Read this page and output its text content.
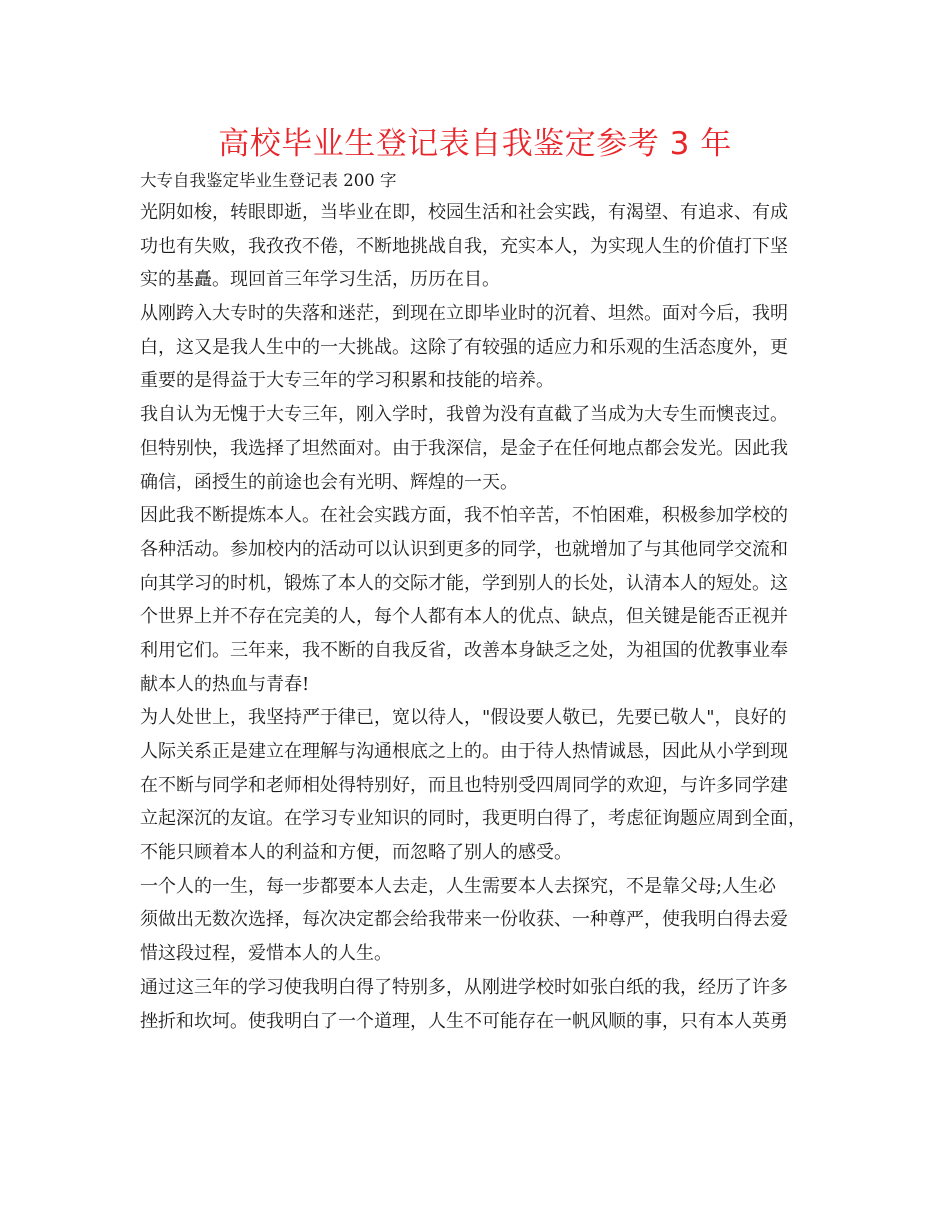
高校毕业生登记表自我鉴定参考 3 年
大专自我鉴定毕业生登记表 200 字
光阴如梭，转眼即逝，当毕业在即，校园生活和社会实践，有渴望、有追求、有成
功也有失败，我孜孜不倦，不断地挑战自我，充实本人，为实现人生的价值打下坚
实的基矗。现回首三年学习生活，历历在目。
从刚跨入大专时的失落和迷茫，到现在立即毕业时的沉着、坦然。面对今后，我明
白，这又是我人生中的一大挑战。这除了有较强的适应力和乐观的生活态度外，更
重要的是得益于大专三年的学习积累和技能的培养。
我自认为无愧于大专三年，刚入学时，我曾为没有直截了当成为大专生而懊丧过。
但特别快，我选择了坦然面对。由于我深信，是金子在任何地点都会发光。因此我
确信，函授生的前途也会有光明、辉煌的一天。
因此我不断提炼本人。在社会实践方面，我不怕辛苦，不怕困难，积极参加学校的
各种活动。参加校内的活动可以认识到更多的同学，也就增加了与其他同学交流和
向其学习的时机，锻炼了本人的交际才能，学到别人的长处，认清本人的短处。这
个世界上并不存在完美的人，每个人都有本人的优点、缺点，但关键是能否正视并
利用它们。三年来，我不断的自我反省，改善本身缺乏之处，为祖国的优教事业奉
献本人的热血与青春!
为人处世上，我坚持严于律已，宽以待人，"假设要人敬已，先要已敬人"，良好的
人际关系正是建立在理解与沟通根底之上的。由于待人热情诚恳，因此从小学到现
在不断与同学和老师相处得特别好，而且也特别受四周同学的欢迎，与许多同学建
立起深沉的友谊。在学习专业知识的同时，我更明白得了，考虑征询题应周到全面，
不能只顾着本人的利益和方便，而忽略了别人的感受。
一个人的一生，每一步都要本人去走，人生需要本人去探究，不是靠父母;人生必
须做出无数次选择，每次决定都会给我带来一份收获、一种尊严，使我明白得去爱
惜这段过程，爱惜本人的人生。
通过这三年的学习使我明白得了特别多，从刚进学校时如张白纸的我，经历了许多
挫折和坎坷。使我明白了一个道理，人生不可能存在一帆风顺的事，只有本人英勇
